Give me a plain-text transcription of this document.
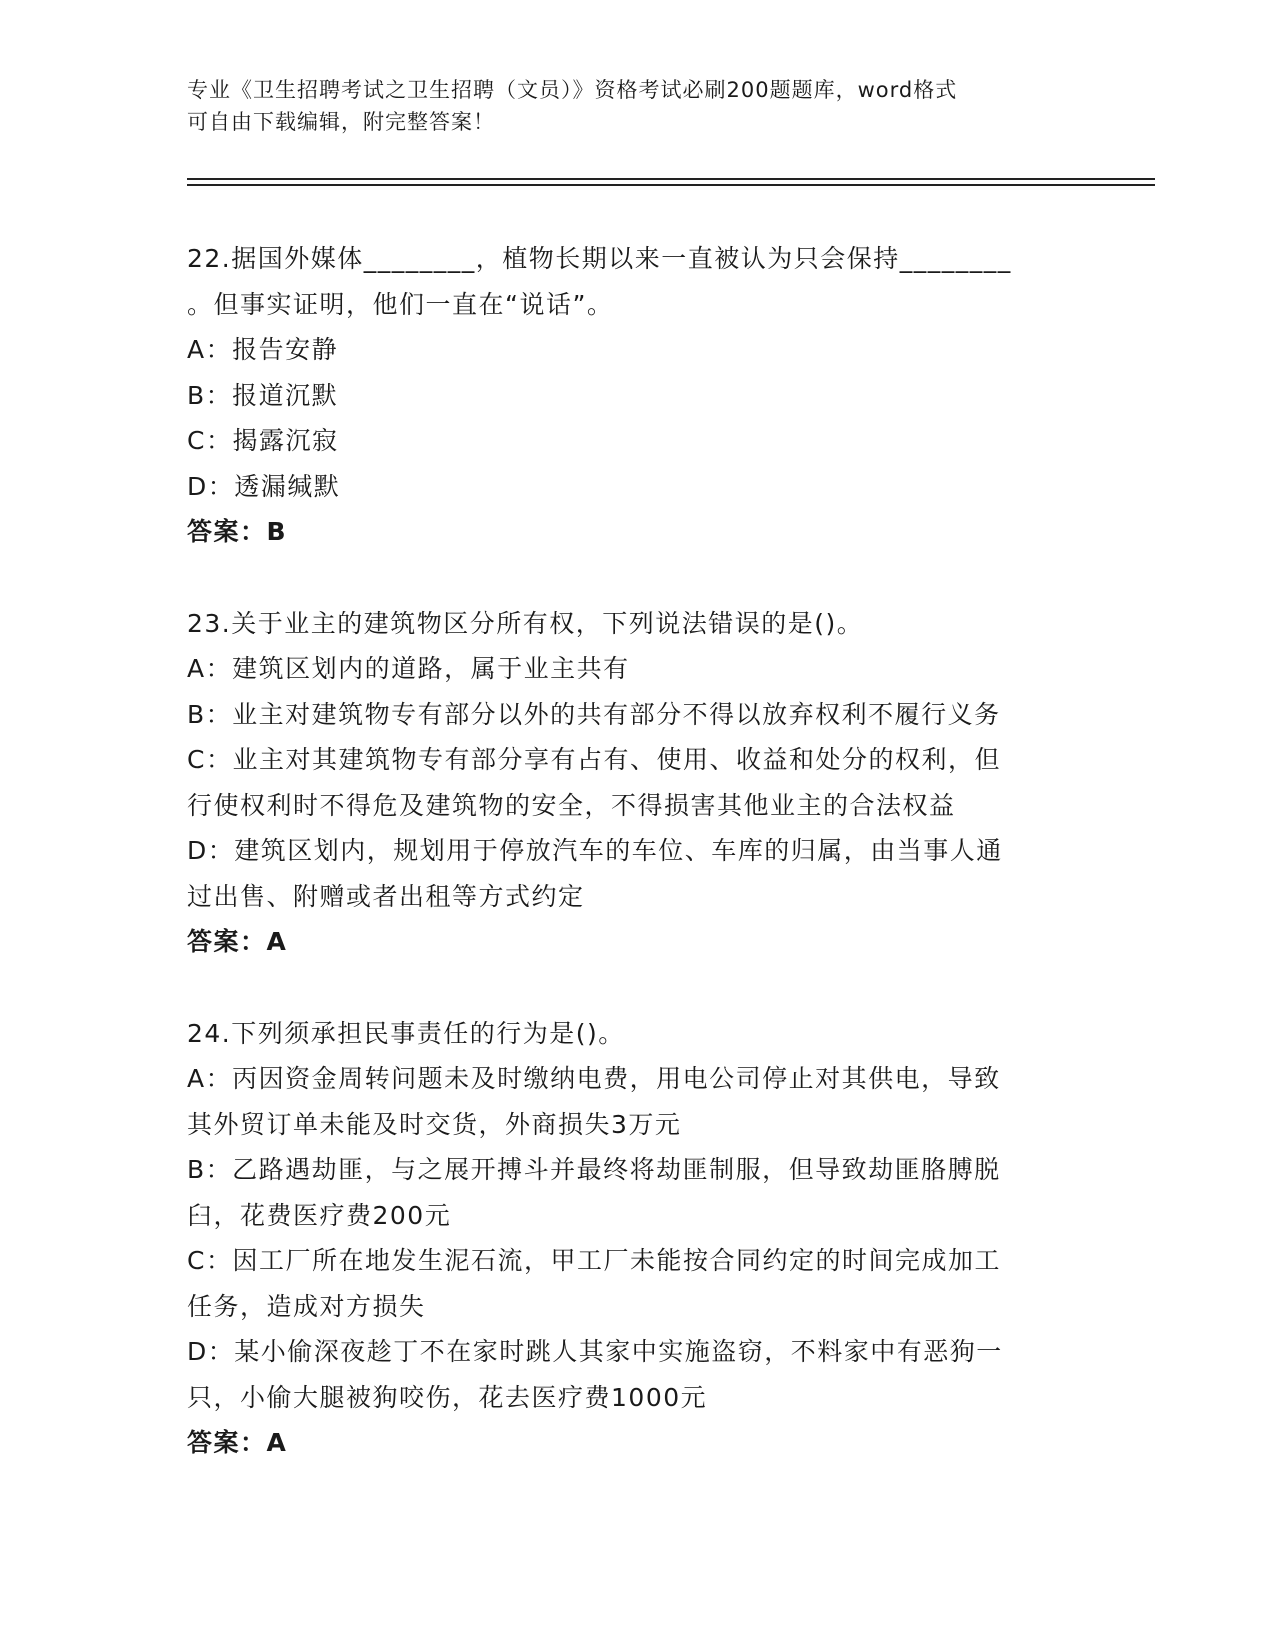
专业《卫生招聘考试之卫生招聘（文员）》资格考试必刷200题题库，word格式
可自由下载编辑，附完整答案！
22.据国外媒体________，植物长期以来一直被认为只会保持________
。但事实证明，他们一直在“说话”。
A：报告安静
B：报道沉默
C：揭露沉寂
D：透漏缄默
答案：B
23.关于业主的建筑物区分所有权，下列说法错误的是()。
A：建筑区划内的道路，属于业主共有
B：业主对建筑物专有部分以外的共有部分不得以放弃权利不履行义务
C：业主对其建筑物专有部分享有占有、使用、收益和处分的权利，但
行使权利时不得危及建筑物的安全，不得损害其他业主的合法权益
D：建筑区划内，规划用于停放汽车的车位、车库的归属，由当事人通
过出售、附赠或者出租等方式约定
答案：A
24.下列须承担民事责任的行为是()。
A：丙因资金周转问题未及时缴纳电费，用电公司停止对其供电，导致
其外贸订单未能及时交货，外商损失3万元
B：乙路遇劫匪，与之展开搏斗并最终将劫匪制服，但导致劫匪胳膊脱
臼，花费医疗费200元
C：因工厂所在地发生泥石流，甲工厂未能按合同约定的时间完成加工
任务，造成对方损失
D：某小偷深夜趁丁不在家时跳人其家中实施盗窃，不料家中有恶狗一
只，小偷大腿被狗咬伤，花去医疗费1000元
答案：A
